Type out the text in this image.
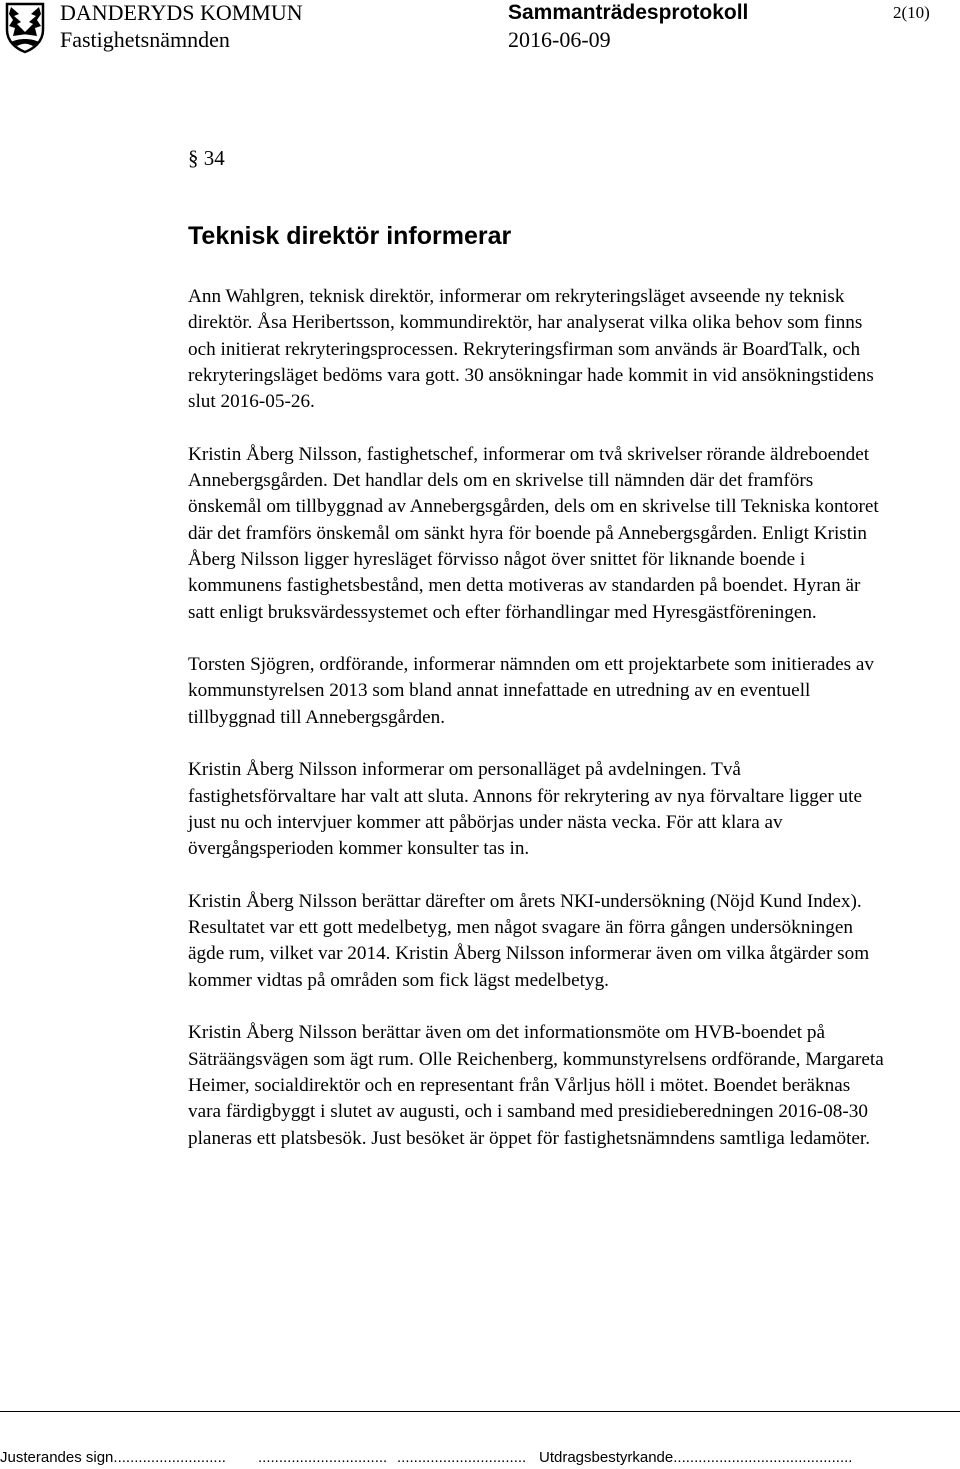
DANDERYDS KOMMUN
Fastighetsnämnden
Sammanträdesprotokoll
2016-06-09
2(10)
§ 34
Teknisk direktör informerar

Ann Wahlgren, teknisk direktör, informerar om rekryteringsläget avseende ny teknisk direktör. Åsa Heribertsson, kommundirektör, har analyserat vilka olika behov som finns och initierat rekryteringsprocessen. Rekryteringsfirman som används är BoardTalk, och rekryteringsläget bedöms vara gott. 30 ansökningar hade kommit in vid ansökningstidens slut 2016-05-26.

Kristin Åberg Nilsson, fastighetschef, informerar om två skrivelser rörande äldreboendet Annebergsgården. Det handlar dels om en skrivelse till nämnden där det framförs önskemål om tillbyggnad av Annebergsgården, dels om en skrivelse till Tekniska kontoret där det framförs önskemål om sänkt hyra för boende på Annebergsgården. Enligt Kristin Åberg Nilsson ligger hyresläget förvisso något över snittet för liknande boende i kommunens fastighetsbestånd, men detta motiveras av standarden på boendet. Hyran är satt enligt bruksvärdessystemet och efter förhandlingar med Hyresgästföreningen.

Torsten Sjögren, ordförande, informerar nämnden om ett projektarbete som initierades av kommunstyrelsen 2013 som bland annat innefattade en utredning av en eventuell tillbyggnad till Annebergsgården.

Kristin Åberg Nilsson informerar om personalläget på avdelningen. Två fastighetsförvaltare har valt att sluta. Annons för rekrytering av nya förvaltare ligger ute just nu och intervjuer kommer att påbörjas under nästa vecka. För att klara av övergångsperioden kommer konsulter tas in.

Kristin Åberg Nilsson berättar därefter om årets NKI-undersökning (Nöjd Kund Index). Resultatet var ett gott medelbetyg, men något svagare än förra gången undersökningen ägde rum, vilket var 2014. Kristin Åberg Nilsson informerar även om vilka åtgärder som kommer vidtas på områden som fick lägst medelbetyg.

Kristin Åberg Nilsson berättar även om det informationsmöte om HVB-boendet på Säträängsvägen som ägt rum. Olle Reichenberg, kommunstyrelsens ordförande, Margareta Heimer, socialdirektör och en representant från Vårljus höll i mötet. Boendet beräknas vara färdigbyggt i slutet av augusti, och i samband med presidieberedningen 2016-08-30 planeras ett platsbesök. Just besöket är öppet för fastighetsnämndens samtliga ledamöter.

Justerandes sign........................... ............................... ............................... Utdragsbestyrkande...........................................
